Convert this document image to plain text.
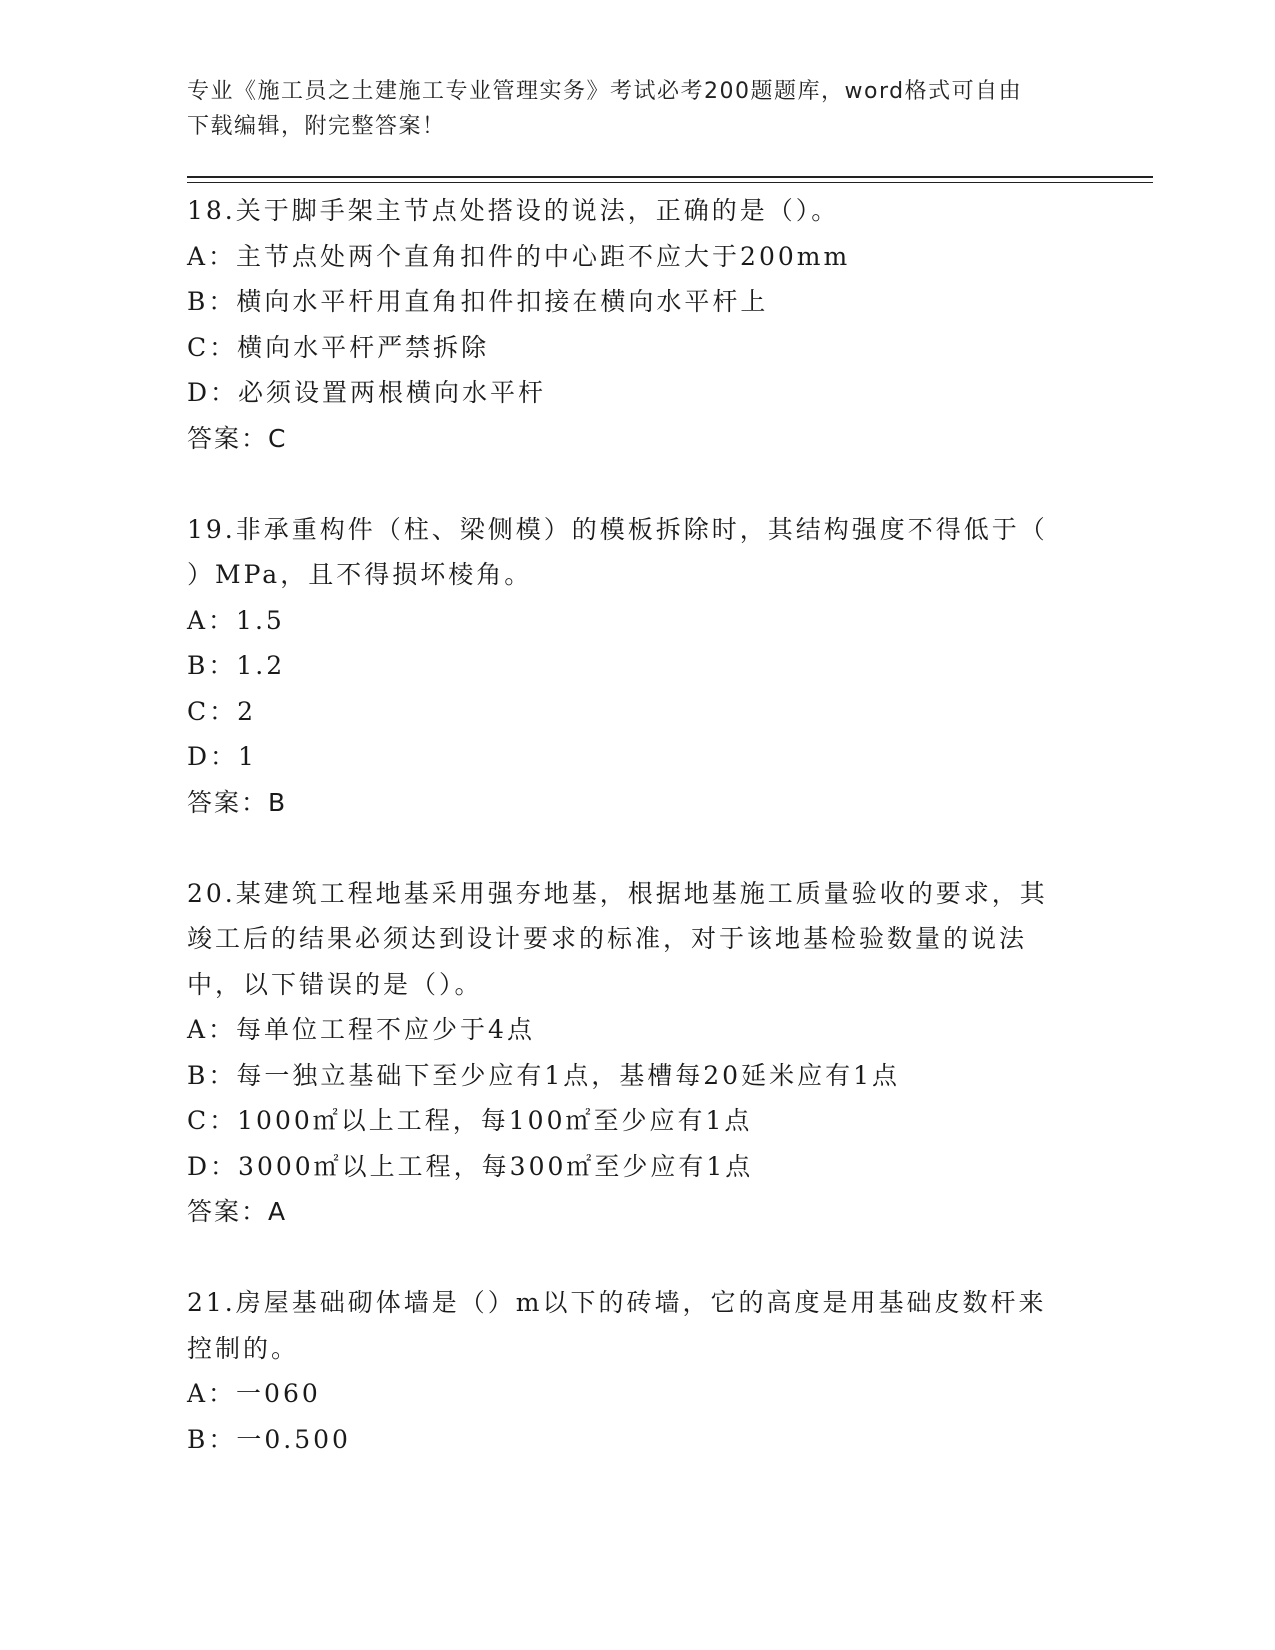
专业《施工员之土建施工专业管理实务》考试必考200题题库，word格式可自由
下载编辑，附完整答案！
18.关于脚手架主节点处搭设的说法，正确的是（）。
A：主节点处两个直角扣件的中心距不应大于200mm
B：横向水平杆用直角扣件扣接在横向水平杆上
C：横向水平杆严禁拆除
D：必须设置两根横向水平杆
答案：C
19.非承重构件（柱、梁侧模）的模板拆除时，其结构强度不得低于（
）MPa，且不得损坏棱角。
A：1.5
B：1.2
C：2
D：1
答案：B
20.某建筑工程地基采用强夯地基，根据地基施工质量验收的要求，其
竣工后的结果必须达到设计要求的标准，对于该地基检验数量的说法
中，以下错误的是（）。
A：每单位工程不应少于4点
B：每一独立基础下至少应有1点，基槽每20延米应有1点
C：1000㎡以上工程，每100㎡至少应有1点
D：3000㎡以上工程，每300㎡至少应有1点
答案：A
21.房屋基础砌体墙是（）m以下的砖墙，它的高度是用基础皮数杆来
控制的。
A：一060
B：一0.500
